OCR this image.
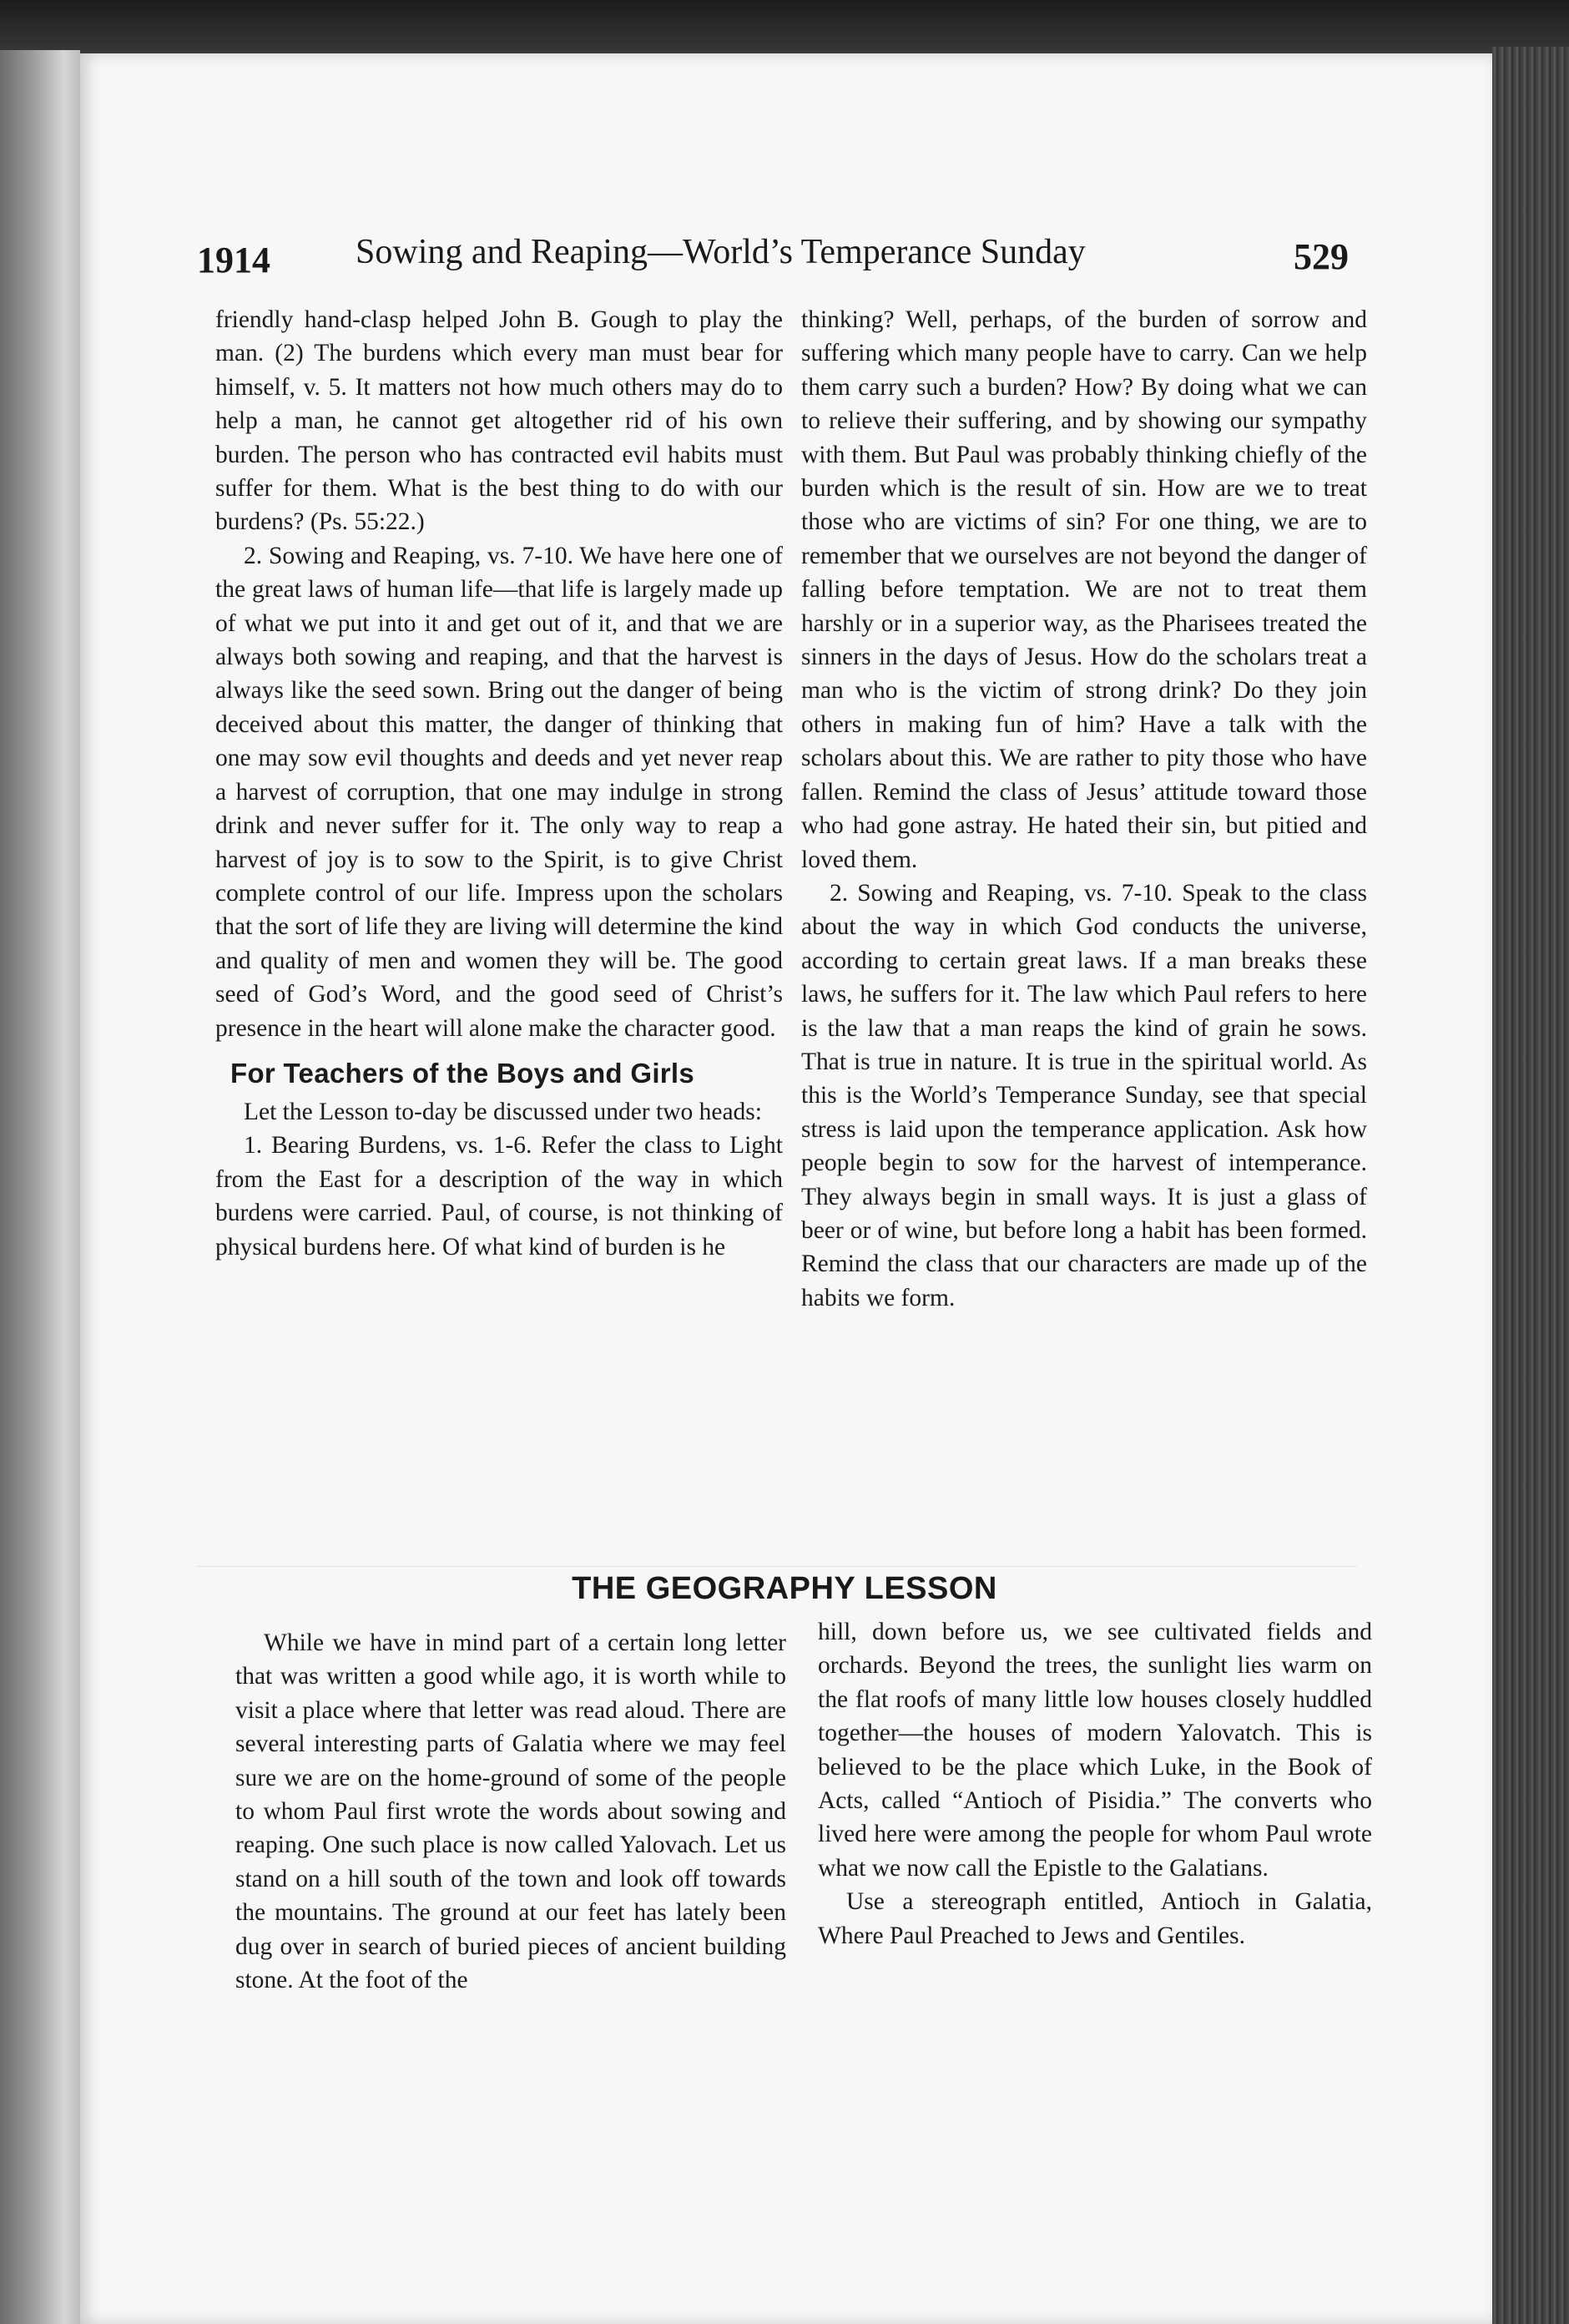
1914 Sowing and Reaping—World’s Temperance Sunday	529

friendly hand-clasp helped John B. Gough to play the man. (2) The burdens which every man must bear for himself, v. 5. It matters not how much others may do to help a man, he cannot get altogether rid of his own burden. The person who has contracted evil habits must suffer for them. What is the best thing to do with our burdens? (Ps. 55:22.)

2. Sowing and Reaping, vs. 7-10. We have here one of the great laws of human life—that life is largely made up of what we put into it and get out of it, and that we are always both sowing and reaping, and that the harvest is always like the seed sown. Bring out the danger of being deceived about this matter, the danger of thinking that one may sow evil thoughts and deeds and yet never reap a harvest of corruption, that one may indulge in strong drink and never suffer for it. The only way to reap a harvest of joy is to sow to the Spirit, is to give Christ complete control of our life. Impress upon the scholars that the sort of life they are living will determine the kind and quality of men and women they will be. The good seed of God’s Word, and the good seed of Christ’s presence in the heart will alone make the character good.

For Teachers of the Boys and Girls

Let the Lesson to-day be discussed under two heads:

1. Bearing Burdens, vs. 1-6. Refer the class to Light from the East for a description of the way in which burdens were carried. Paul, of course, is not thinking of physical burdens here. Of what kind of burden is he

thinking? Well, perhaps, of the burden of sorrow and suffering which many people have to carry. Can we help them carry such a burden? How? By doing what we can to relieve their suffering, and by showing our sympathy with them. But Paul was probably thinking chiefly of the burden which is the result of sin. How are we to treat those who are victims of sin? For one thing, we are to remember that we ourselves are not beyond the danger of falling before temptation. We are not to treat them harshly or in a superior way, as the Pharisees treated the sinners in the days of Jesus. How do the scholars treat a man who is the victim of strong drink? Do they join others in making fun of him? Have a talk with the scholars about this. We are rather to pity those who have fallen. Remind the class of Jesus’ attitude toward those who had gone astray. He hated their sin, but pitied and loved them.

2. Sowing and Reaping, vs. 7-10. Speak to the class about the way in which God conducts the universe, according to certain great laws. If a man breaks these laws, he suffers for it. The law which Paul refers to here is the law that a man reaps the kind of grain he sows. That is true in nature. It is true in the spiritual world. As this is the World’s Temperance Sunday, see that special stress is laid upon the temperance application. Ask how people begin to sow for the harvest of intemperance. They always begin in small ways. It is just a glass of beer or of wine, but before long a habit has been formed. Remind the class that our characters are made up of the habits we form.

THE GEOGRAPHY LESSON

While we have in mind part of a certain long letter that was written a good while ago, it is worth while to visit a place where that letter was read aloud. There are several interesting parts of Galatia where we may feel sure we are on the home-ground of some of the people to whom Paul first wrote the words about sowing and reaping. One such place is now called Yalovach. Let us stand on a hill south of the town and look off towards the mountains. The ground at our feet has lately been dug over in search of buried pieces of ancient building stone. At the foot of the

hill, down before us, we see cultivated fields and orchards. Beyond the trees, the sunlight lies warm on the flat roofs of many little low houses closely huddled together—the houses of modern Yalovatch. This is believed to be the place which Luke, in the Book of Acts, called “Antioch of Pisidia.” The converts who lived here were among the people for whom Paul wrote what we now call the Epistle to the Galatians.

Use a stereograph entitled, Antioch in Galatia, Where Paul Preached to Jews and Gentiles.
